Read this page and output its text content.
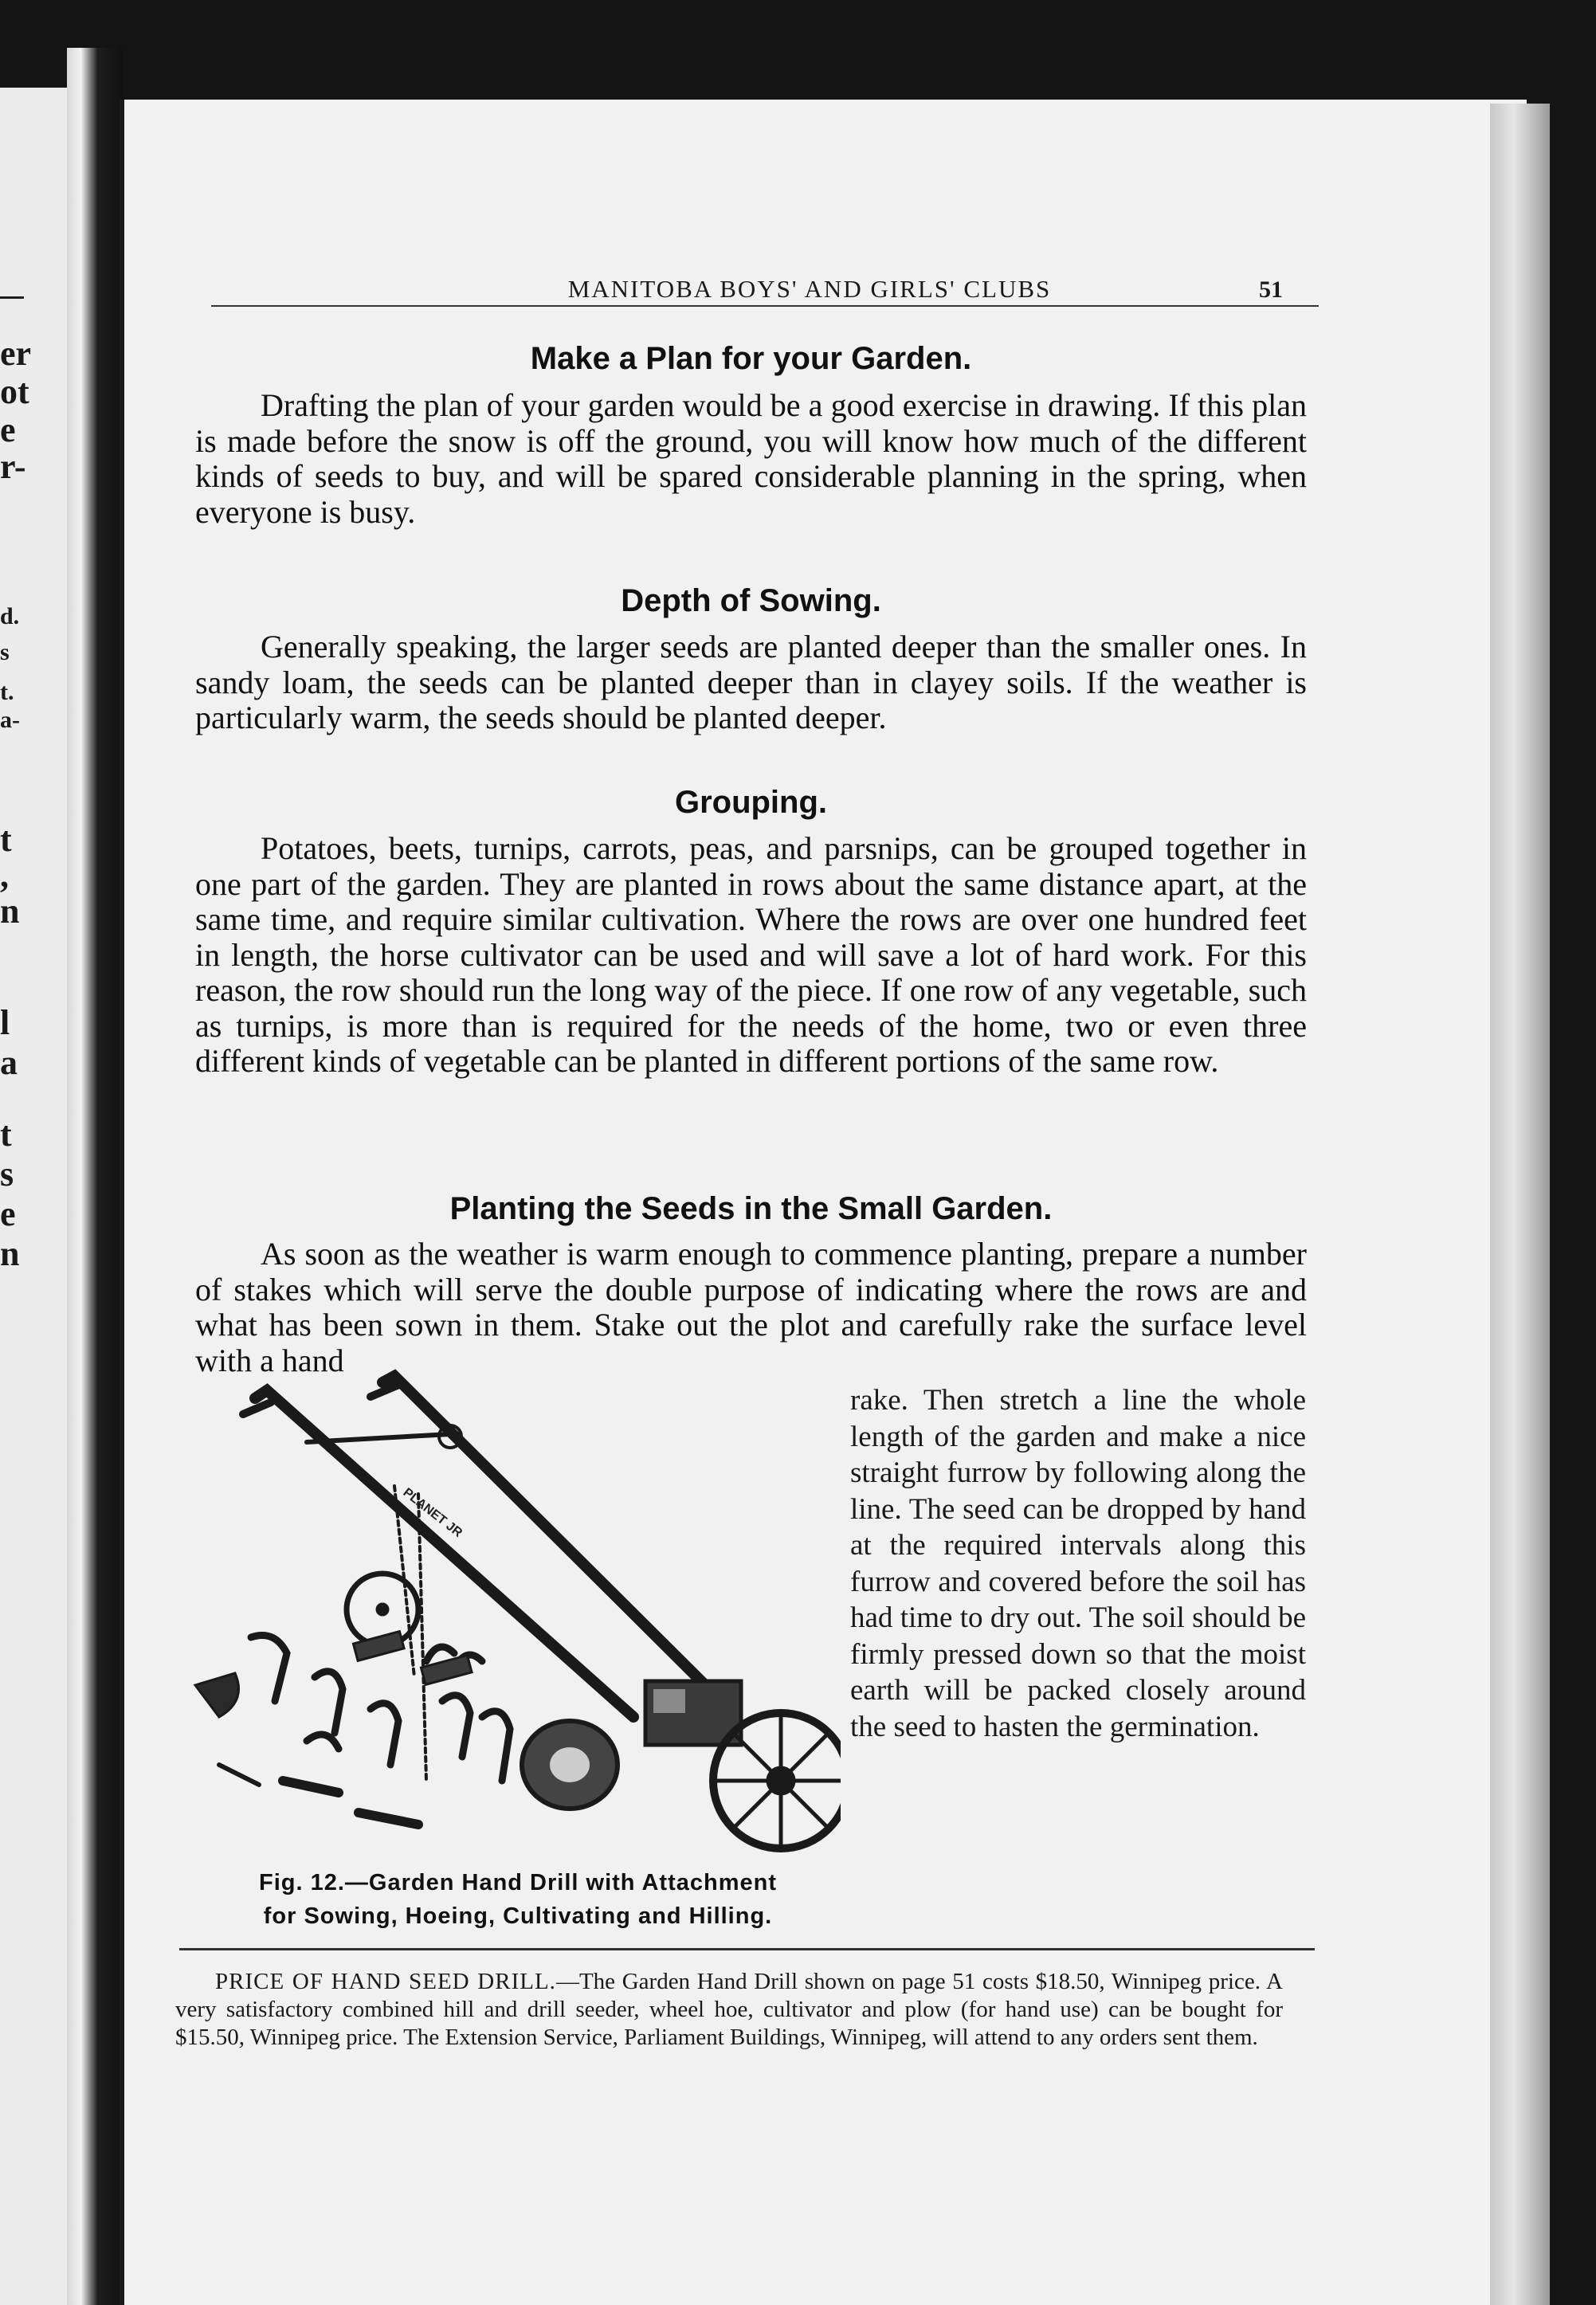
er
ot
e
r-
d.
s
t.
a-
t
,
n
l
a
t
s
e
n
MANITOBA BOYS' AND GIRLS' CLUBS	51
Make a Plan for your Garden.

Drafting the plan of your garden would be a good exercise in drawing. If this plan is made before the snow is off the ground, you will know how much of the different kinds of seeds to buy, and will be spared considerable planning in the spring, when everyone is busy.

Depth of Sowing.

Generally speaking, the larger seeds are planted deeper than the smaller ones. In sandy loam, the seeds can be planted deeper than in clayey soils. If the weather is particularly warm, the seeds should be planted deeper.

Grouping.

Potatoes, beets, turnips, carrots, peas, and parsnips, can be grouped together in one part of the garden. They are planted in rows about the same distance apart, at the same time, and require similar cultivation. Where the rows are over one hundred feet in length, the horse cultivator can be used and will save a lot of hard work. For this reason, the row should run the long way of the piece. If one row of any vegetable, such as turnips, is more than is required for the needs of the home, two or even three different kinds of vegetable can be planted in different portions of the same row.

Planting the Seeds in the Small Garden.

As soon as the weather is warm enough to commence planting, prepare a number of stakes which will serve the double purpose of indicating where the rows are and what has been sown in them. Stake out the plot and carefully rake the surface level with a hand

rake. Then stretch a line the whole length of the garden and make a nice straight furrow by following along the line. The seed can be dropped by hand at the required intervals along this furrow and covered before the soil has had time to dry out. The soil should be firmly pressed down so that the moist earth will be packed closely around the seed to hasten the germination.

PLANET JR
Fig. 12.—Garden Hand Drill with Attachment
for Sowing, Hoeing, Cultivating and Hilling.

PRICE OF HAND SEED DRILL.—The Garden Hand Drill shown on page 51 costs $18.50, Winnipeg price. A very satisfactory combined hill and drill seeder, wheel hoe, cultivator and plow (for hand use) can be bought for $15.50, Winnipeg price. The Extension Service, Parliament Buildings, Winnipeg, will attend to any orders sent them.
